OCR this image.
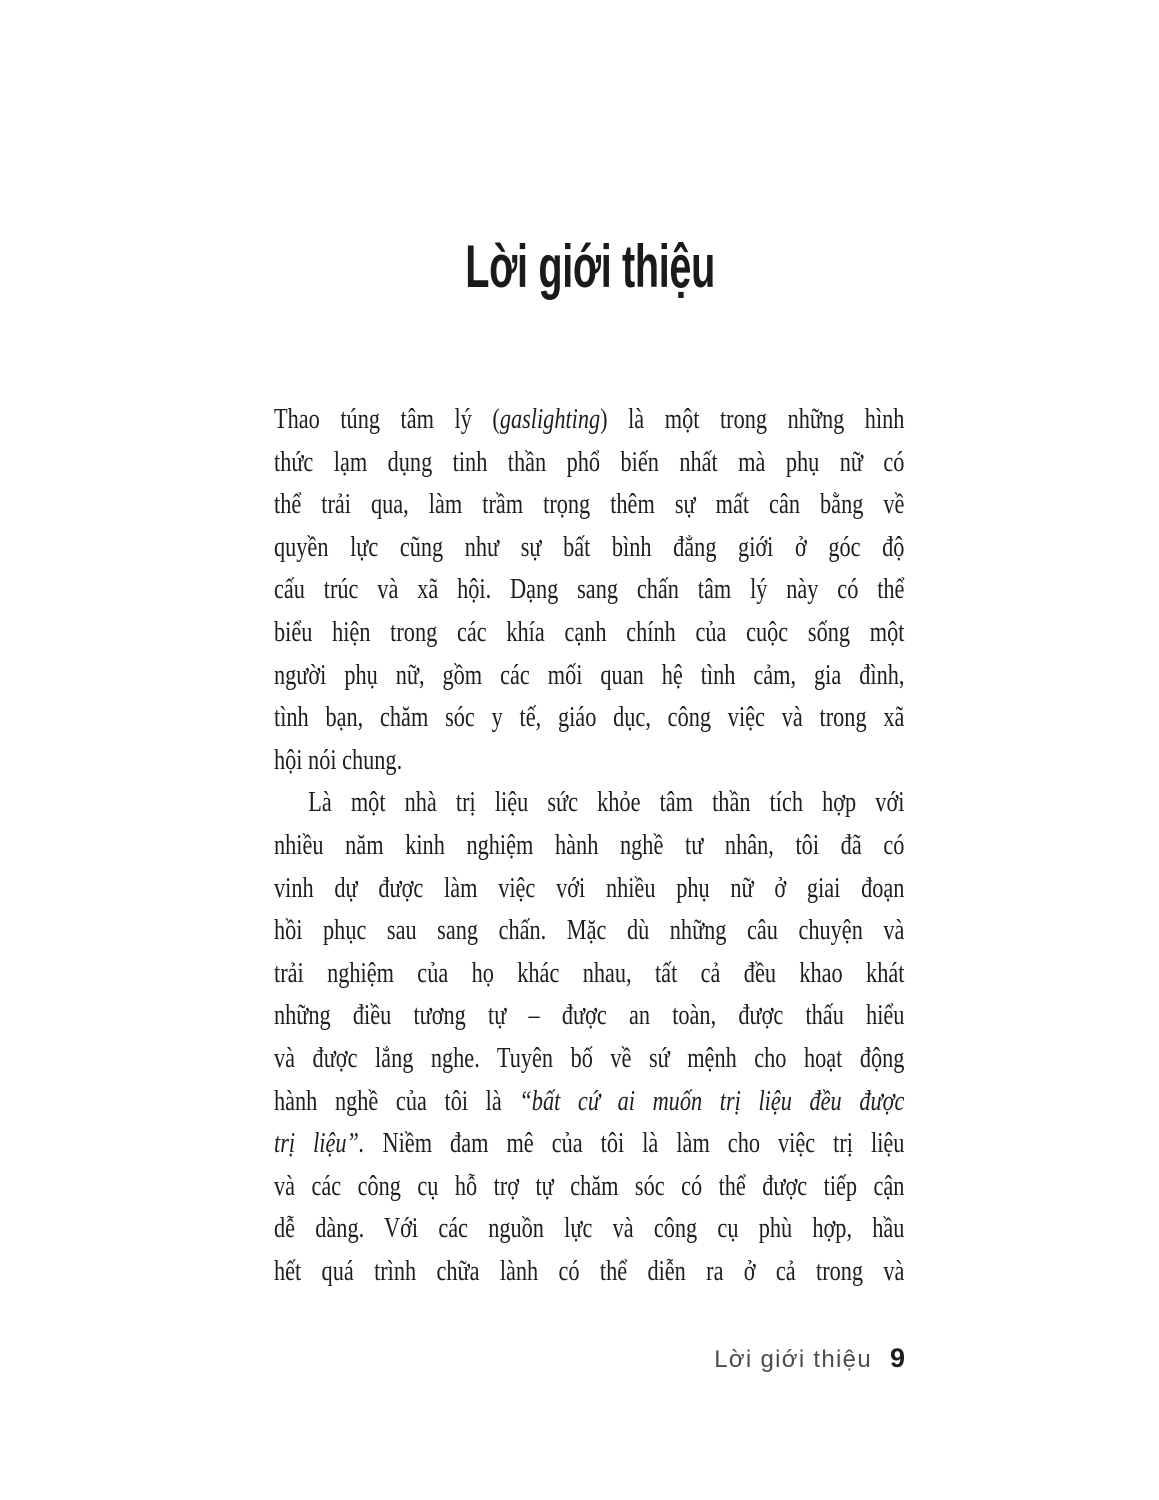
Lời giới thiệu
Thao túng tâm lý (gaslighting) là một trong những hình
thức lạm dụng tinh thần phổ biến nhất mà phụ nữ có
thể trải qua, làm trầm trọng thêm sự mất cân bằng về
quyền lực cũng như sự bất bình đẳng giới ở góc độ
cấu trúc và xã hội. Dạng sang chấn tâm lý này có thể
biểu hiện trong các khía cạnh chính của cuộc sống một
người phụ nữ, gồm các mối quan hệ tình cảm, gia đình,
tình bạn, chăm sóc y tế, giáo dục, công việc và trong xã
hội nói chung.
Là một nhà trị liệu sức khỏe tâm thần tích hợp với
nhiều năm kinh nghiệm hành nghề tư nhân, tôi đã có
vinh dự được làm việc với nhiều phụ nữ ở giai đoạn
hồi phục sau sang chấn. Mặc dù những câu chuyện và
trải nghiệm của họ khác nhau, tất cả đều khao khát
những điều tương tự – được an toàn, được thấu hiểu
và được lắng nghe. Tuyên bố về sứ mệnh cho hoạt động
hành nghề của tôi là “bất cứ ai muốn trị liệu đều được
trị liệu”. Niềm đam mê của tôi là làm cho việc trị liệu
và các công cụ hỗ trợ tự chăm sóc có thể được tiếp cận
dễ dàng. Với các nguồn lực và công cụ phù hợp, hầu
hết quá trình chữa lành có thể diễn ra ở cả trong và
Lời giới thiệu 9
